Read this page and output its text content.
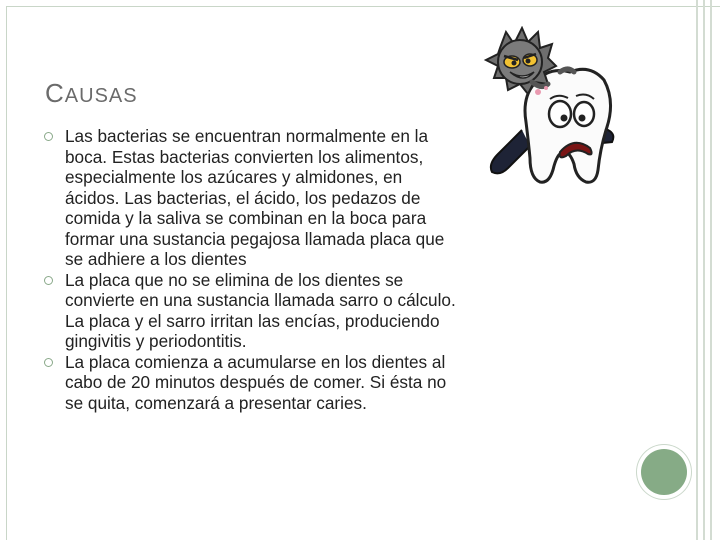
CAUSAS
Las bacterias se encuentran normalmente en la boca. Estas bacterias convierten los alimentos, especialmente los azúcares y almidones, en ácidos. Las bacterias, el ácido, los pedazos de comida y la saliva se combinan en la boca para formar una sustancia pegajosa llamada placa que se adhiere a los dientes
La placa que no se elimina de los dientes se convierte en una sustancia llamada sarro o cálculo. La placa y el sarro irritan las encías, produciendo gingivitis y periodontitis.
La placa comienza a acumularse en los dientes al cabo de 20 minutos después de comer. Si ésta no se quita, comenzará a presentar caries.
